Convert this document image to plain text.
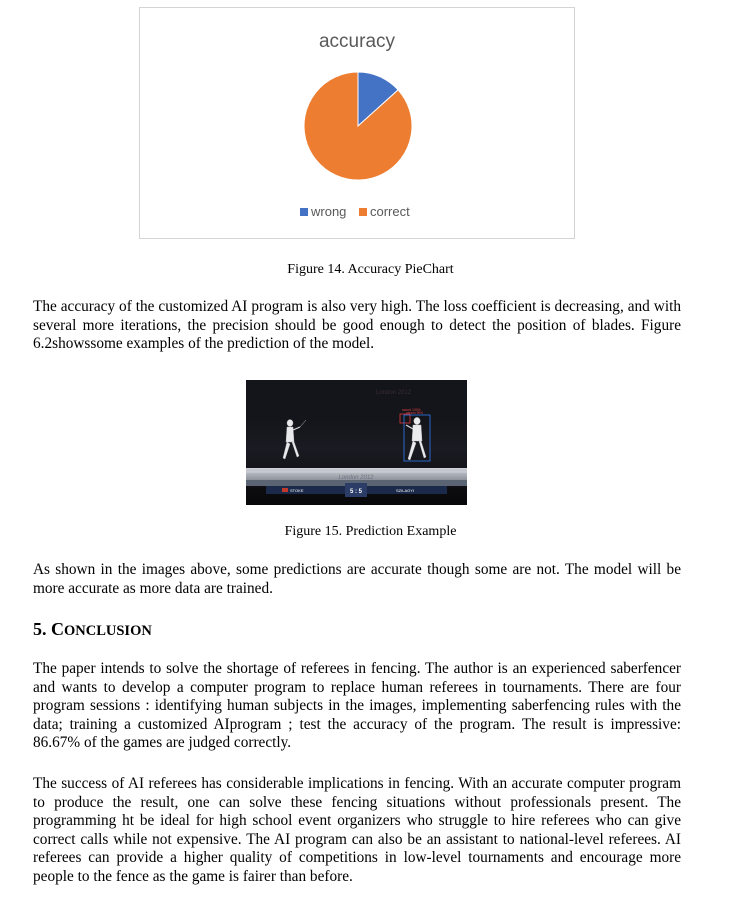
accuracy
wrong correct
Figure 14. Accuracy PieChart

The accuracy of the customized AI program is also very high. The loss coefficient is decreasing, and with several more iterations, the precision should be good enough to detect the position of blades. Figure 6.2showssome examples of the prediction of the model.

London 2012
London 2012
sword 100%
person 99%
5 : 5
STOKE	SZILAGYI
Figure 15. Prediction Example

As shown in the images above, some predictions are accurate though some are not. The model will be more accurate as more data are trained.

5. CONCLUSION

The paper intends to solve the shortage of referees in fencing. The author is an experienced saberfencer and wants to develop a computer program to replace human referees in tournaments. There are four program sessions : identifying human subjects in the images, implementing saberfencing rules with the data; training a customized AIprogram ; test the accuracy of the program. The result is impressive: 86.67% of the games are judged correctly.

The success of AI referees has considerable implications in fencing. With an accurate computer program to produce the result, one can solve these fencing situations without professionals present. The programming ht be ideal for high school event organizers who struggle to hire referees who can give correct calls while not expensive. The AI program can also be an assistant to national-level referees. AI referees can provide a higher quality of competitions in low-level tournaments and encourage more people to the fence as the game is fairer than before.
